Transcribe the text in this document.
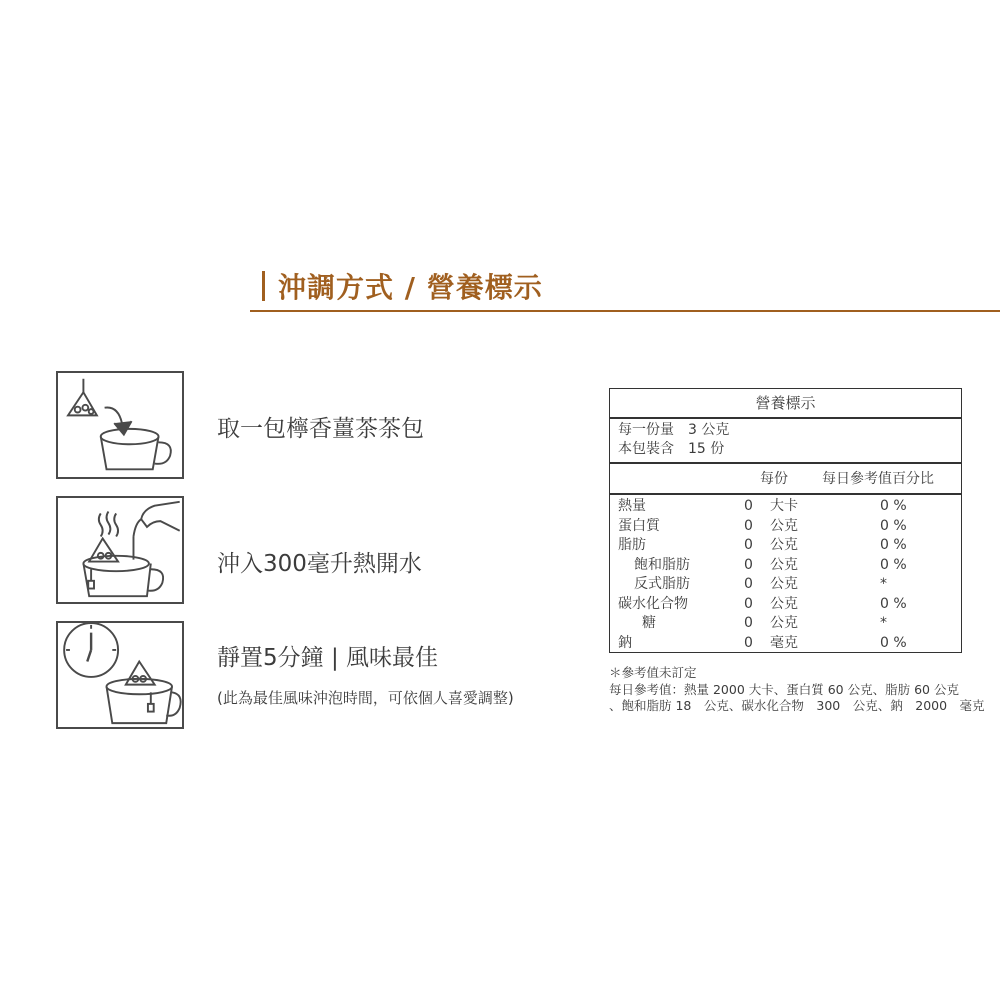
沖調方式 / 營養標示
取一包檸香薑茶茶包
沖入300毫升熱開水
靜置5分鐘 | 風味最佳
(此為最佳風味沖泡時間，可依個人喜愛調整)
營養標示
每一份量　3 公克
本包裝含　15 份
每份 每日參考值百分比
熱量	0 大卡	0 %
蛋白質	0 公克	0 %
脂肪	0 公克	0 %
飽和脂肪	0 公克	0 %
反式脂肪	0 公克	*
碳水化合物	0 公克	0 %
糖	0 公克	*
鈉	0 毫克	0 %
＊參考值未訂定
每日參考值：熱量 2000 大卡、蛋白質 60 公克、脂肪 60 公克
、飽和脂肪 18　公克、碳水化合物　300　公克、鈉　2000　毫克
